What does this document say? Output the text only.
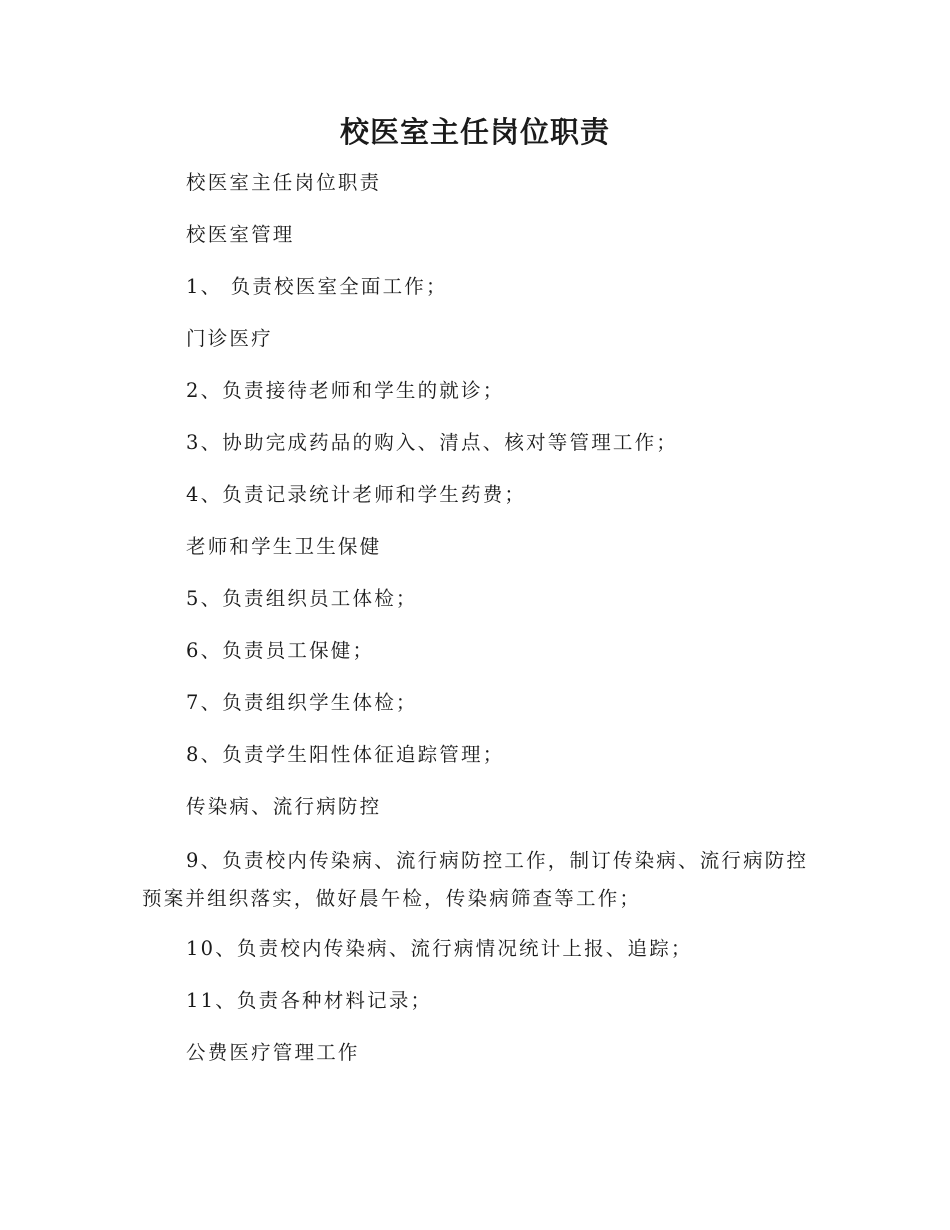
校医室主任岗位职责

校医室主任岗位职责

校医室管理

1、 负责校医室全面工作；

门诊医疗

2、负责接待老师和学生的就诊；

3、协助完成药品的购入、清点、核对等管理工作；

4、负责记录统计老师和学生药费；

老师和学生卫生保健

5、负责组织员工体检；

6、负责员工保健；

7、负责组织学生体检；

8、负责学生阳性体征追踪管理；

传染病、流行病防控

9、负责校内传染病、流行病防控工作，制订传染病、流行病防控预案并组织落实，做好晨午检，传染病筛查等工作；

10、负责校内传染病、流行病情况统计上报、追踪；

11、负责各种材料记录；

公费医疗管理工作
